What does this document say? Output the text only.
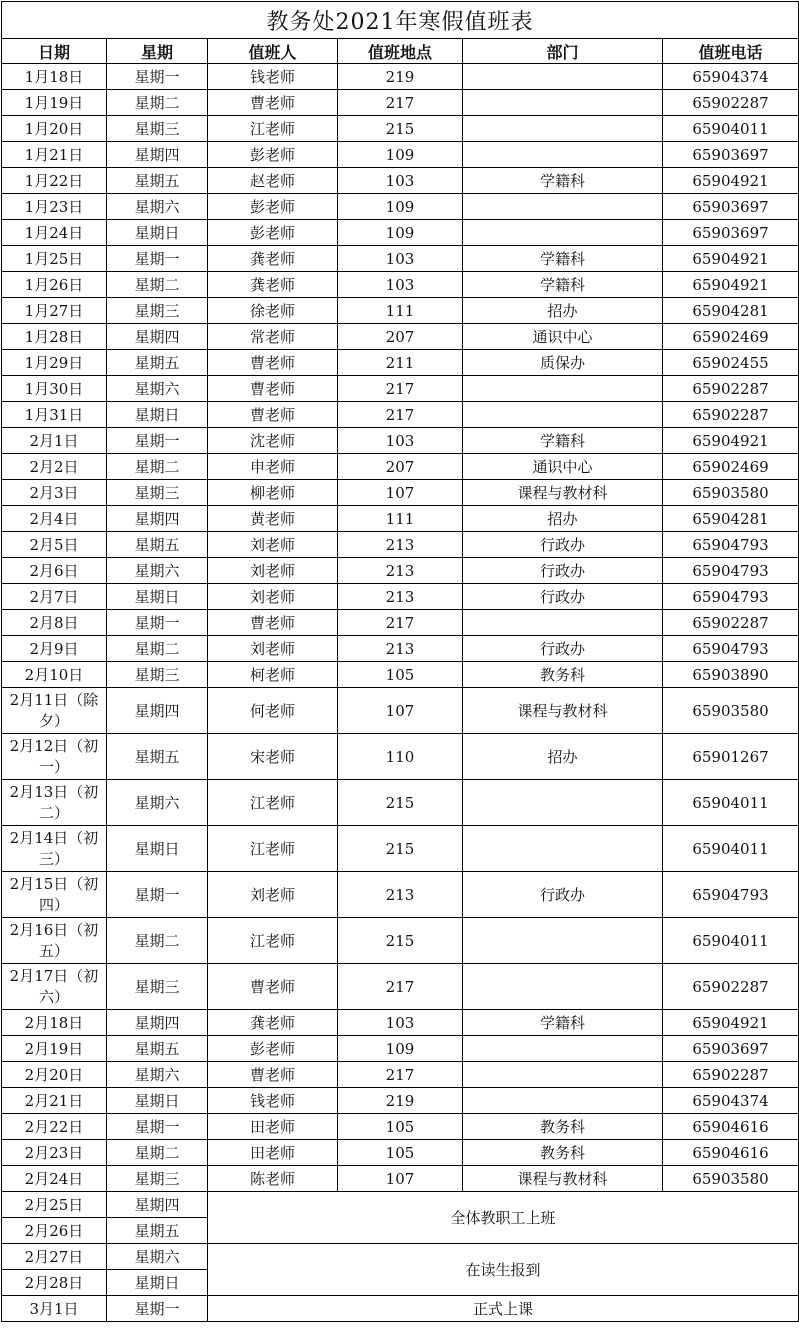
教务处2021年寒假值班表					
日期	星期	值班人	值班地点	部门	值班电话
1月18日	星期一	钱老师	219		65904374
1月19日	星期二	曹老师	217		65902287
1月20日	星期三	江老师	215		65904011
1月21日	星期四	彭老师	109		65903697
1月22日	星期五	赵老师	103	学籍科	65904921
1月23日	星期六	彭老师	109		65903697
1月24日	星期日	彭老师	109		65903697
1月25日	星期一	龚老师	103	学籍科	65904921
1月26日	星期二	龚老师	103	学籍科	65904921
1月27日	星期三	徐老师	111	招办	65904281
1月28日	星期四	常老师	207	通识中心	65902469
1月29日	星期五	曹老师	211	质保办	65902455
1月30日	星期六	曹老师	217		65902287
1月31日	星期日	曹老师	217		65902287
2月1日	星期一	沈老师	103	学籍科	65904921
2月2日	星期二	申老师	207	通识中心	65902469
2月3日	星期三	柳老师	107	课程与教材科	65903580
2月4日	星期四	黄老师	111	招办	65904281
2月5日	星期五	刘老师	213	行政办	65904793
2月6日	星期六	刘老师	213	行政办	65904793
2月7日	星期日	刘老师	213	行政办	65904793
2月8日	星期一	曹老师	217		65902287
2月9日	星期二	刘老师	213	行政办	65904793
2月10日	星期三	柯老师	105	教务科	65903890
2月11日（除夕）	星期四	何老师	107	课程与教材科	65903580
2月12日（初一）	星期五	宋老师	110	招办	65901267
2月13日（初二）	星期六	江老师	215		65904011
2月14日（初三）	星期日	江老师	215		65904011
2月15日（初四）	星期一	刘老师	213	行政办	65904793
2月16日（初五）	星期二	江老师	215		65904011
2月17日（初六）	星期三	曹老师	217		65902287
2月18日	星期四	龚老师	103	学籍科	65904921
2月19日	星期五	彭老师	109		65903697
2月20日	星期六	曹老师	217		65902287
2月21日	星期日	钱老师	219		65904374
2月22日	星期一	田老师	105	教务科	65904616
2月23日	星期二	田老师	105	教务科	65904616
2月24日	星期三	陈老师	107	课程与教材科	65903580
2月25日	星期四	全体教职工上班			
2月26日	星期五				
2月27日	星期六	在读生报到			
2月28日	星期日				
3月1日	星期一	正式上课			
